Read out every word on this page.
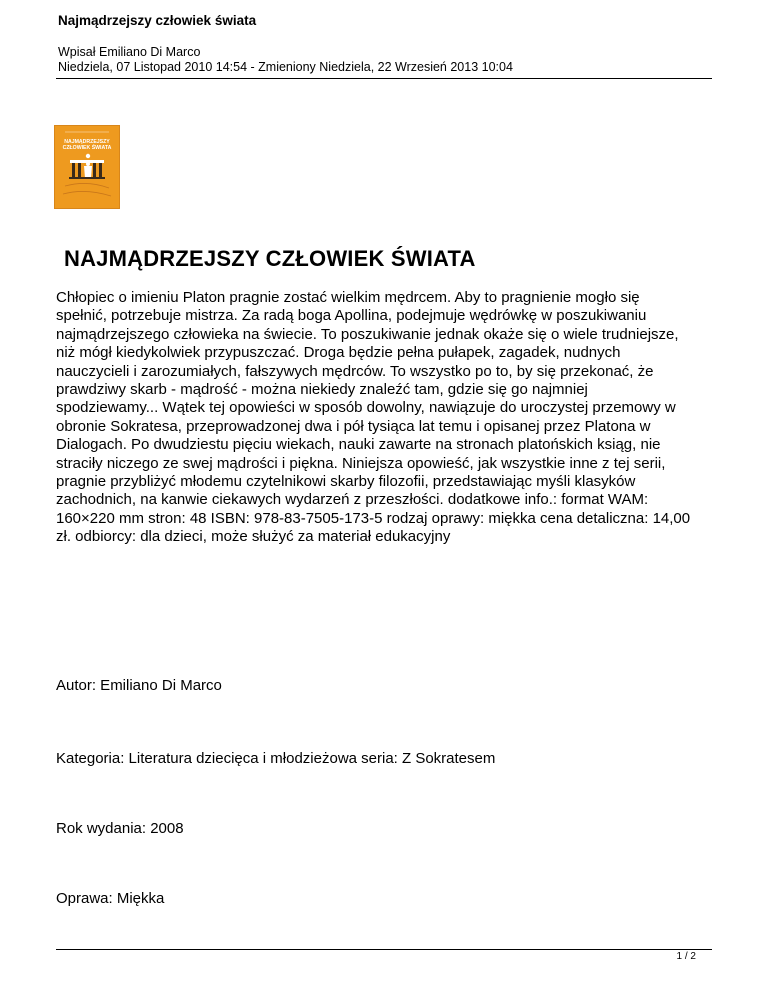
Najmądrzejszy człowiek świata
Wpisał Emiliano Di Marco
Niedziela, 07 Listopad 2010 14:54 - Zmieniony Niedziela, 22 Wrzesień 2013 10:04
NAJMĄDRZEJSZY
CZŁOWIEK ŚWIATA
NAJMĄDRZEJSZY CZŁOWIEK ŚWIATA

Chłopiec o imieniu Platon pragnie zostać wielkim mędrcem. Aby to pragnienie mogło się
spełnić, potrzebuje mistrza. Za radą boga Apollina, podejmuje wędrówkę w poszukiwaniu
najmądrzejszego człowieka na świecie. To poszukiwanie jednak okaże się o wiele trudniejsze,
niż mógł kiedykolwiek przypuszczać. Droga będzie pełna pułapek, zagadek, nudnych
nauczycieli i zarozumiałych, fałszywych mędrców. To wszystko po to, by się przekonać, że
prawdziwy skarb - mądrość - można niekiedy znaleźć tam, gdzie się go najmniej
spodziewamy... Wątek tej opowieści w sposób dowolny, nawiązuje do uroczystej przemowy w
obronie Sokratesa, przeprowadzonej dwa i pół tysiąca lat temu i opisanej przez Platona w
Dialogach. Po dwudziestu pięciu wiekach, nauki zawarte na stronach platońskich ksiąg, nie
straciły niczego ze swej mądrości i piękna. Niniejsza opowieść, jak wszystkie inne z tej serii,
pragnie przybliżyć młodemu czytelnikowi skarby filozofii, przedstawiając myśli klasyków
zachodnich, na kanwie ciekawych wydarzeń z przeszłości. dodatkowe info.: format WAM:
160×220 mm stron: 48 ISBN: 978-83-7505-173-5 rodzaj oprawy: miękka cena detaliczna: 14,00
zł. odbiorcy: dla dzieci, może służyć za materiał edukacyjny

Autor: Emiliano Di Marco
Kategoria: Literatura dziecięca i młodzieżowa seria: Z Sokratesem
Rok wydania: 2008
Oprawa: Miękka
1 / 2
